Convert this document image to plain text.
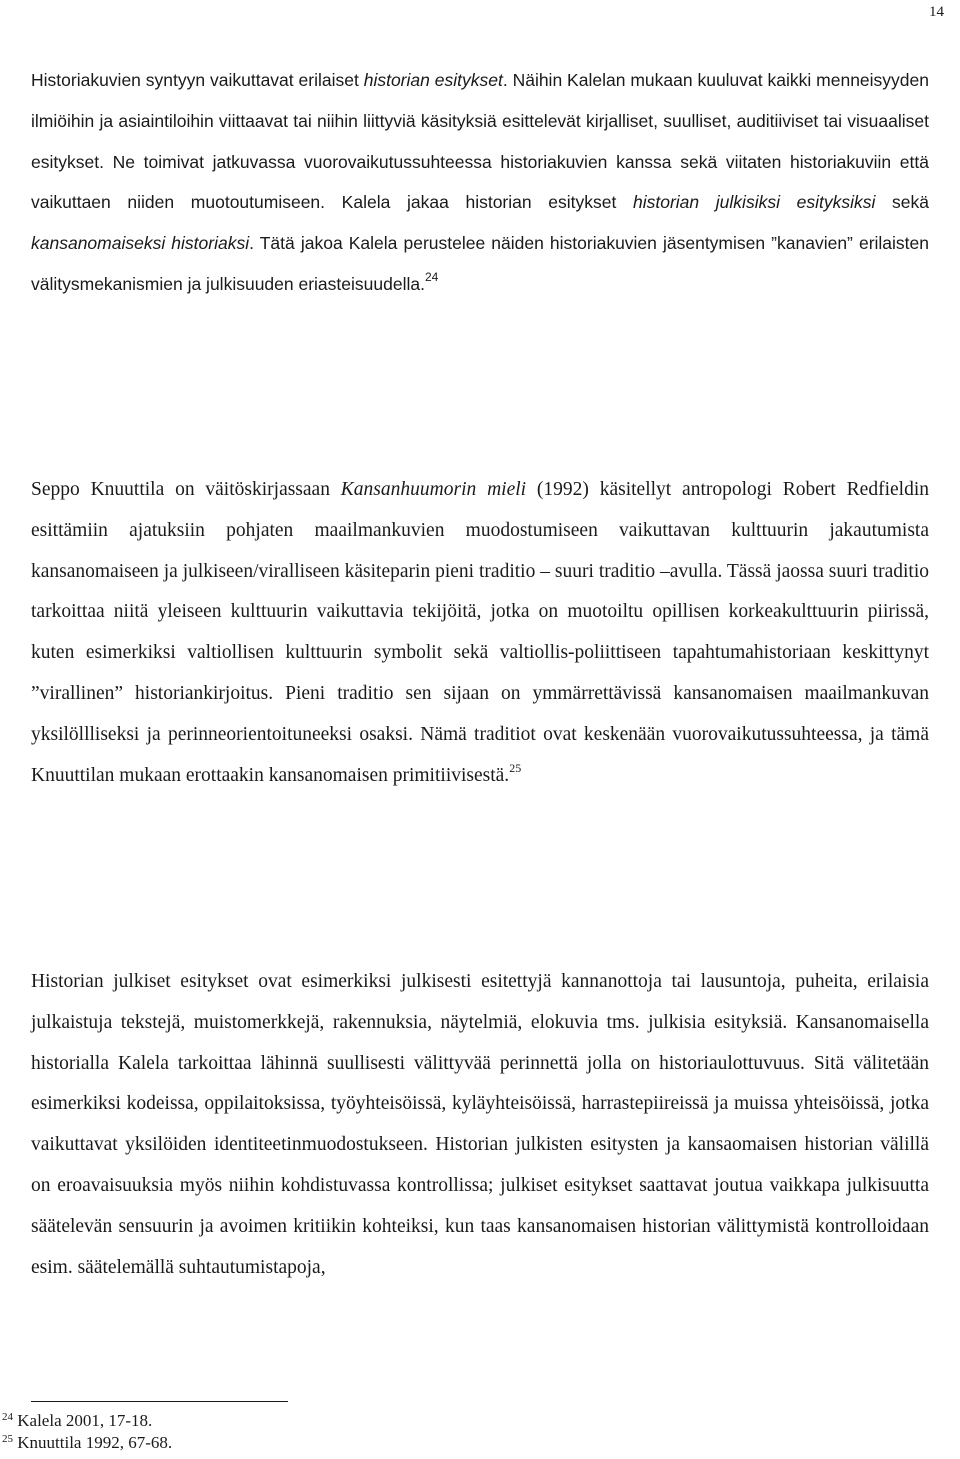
14

Historiakuvien syntyyn vaikuttavat erilaiset historian esitykset. Näihin Kalelan mukaan kuuluvat kaikki menneisyyden ilmiöihin ja asiaintiloihin viittaavat tai niihin liittyviä käsityksiä esittelevät kirjalliset, suulliset, auditiiviset tai visuaaliset esitykset. Ne toimivat jatkuvassa vuorovaikutussuhteessa historiakuvien kanssa sekä viitaten historiakuviin että vaikuttaen niiden muotoutumiseen. Kalela jakaa historian esitykset historian julkisiksi esityksiksi sekä kansanomaiseksi historiaksi. Tätä jakoa Kalela perustelee näiden historiakuvien jäsentymisen ”kanavien” erilaisten välitysmekanismien ja julkisuuden eriasteisuudella.$^{24}$

Seppo Knuuttila on väitöskirjassaan Kansanhuumorin mieli (1992) käsitellyt antropologi Robert Redfieldin esittämiin ajatuksiin pohjaten maailmankuvien muodostumiseen vaikuttavan kulttuurin jakautumista kansanomaiseen ja julkiseen/viralliseen käsiteparin pieni traditio – suuri traditio –avulla. Tässä jaossa suuri traditio tarkoittaa niitä yleiseen kulttuurin vaikuttavia tekijöitä, jotka on muotoiltu opillisen korkeakulttuurin piirissä, kuten esimerkiksi valtiollisen kulttuurin symbolit sekä valtiollis-poliittiseen tapahtumahistoriaan keskittynyt ”virallinen” historiankirjoitus. Pieni traditio sen sijaan on ymmärrettävissä kansanomaisen maailmankuvan yksilöllliseksi ja perinneorientoituneeksi osaksi. Nämä traditiot ovat keskenään vuorovaikutussuhteessa, ja tämä Knuuttilan mukaan erottaakin kansanomaisen primitiivisestä.$^{25}$

Historian julkiset esitykset ovat esimerkiksi julkisesti esitettyjä kannanottoja tai lausuntoja, puheita, erilaisia julkaistuja tekstejä, muistomerkkejä, rakennuksia, näytelmiä, elokuvia tms. julkisia esityksiä. Kansanomaisella historialla Kalela tarkoittaa lähinnä suullisesti välittyvää perinnettä jolla on historiaulottuvuus. Sitä välitetään esimerkiksi kodeissa, oppilaitoksissa, työyhteisöissä, kyläyhteisöissä, harrastepiireissä ja muissa yhteisöissä, jotka vaikuttavat yksilöiden identiteetinmuodostukseen. Historian julkisten esitysten ja kansaomaisen historian välillä on eroavaisuuksia myös niihin kohdistuvassa kontrollissa; julkiset esitykset saattavat joutua vaikkapa julkisuutta säätelevän sensuurin ja avoimen kritiikin kohteiksi, kun taas kansanomaisen historian välittymistä kontrolloidaan esim. säätelemällä suhtautumistapoja,

$^{24}$ Kalela 2001, 17-18.
$^{25}$ Knuuttila 1992, 67-68.
